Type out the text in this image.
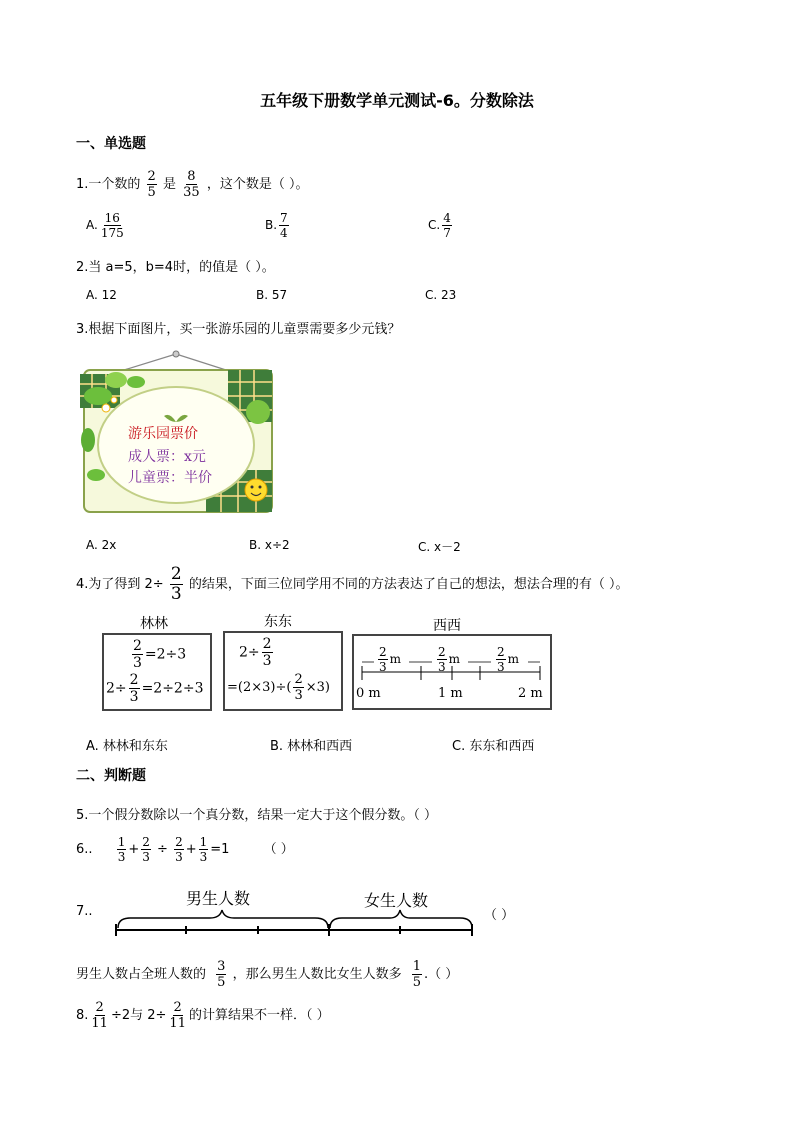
五年级下册数学单元测试-6。分数除法
一、单选题
1.一个数的 $\frac{2}{5}$ 是 $\frac{8}{35}$ ，这个数是（ ）。
A. $\frac{16}{175}$	B. $\frac{7}{4}$	C. $\frac{4}{7}$
2.当 a=5，b=4时，的值是（ ）。
A. 12	B. 57	C. 23
3.根据下面图片，买一张游乐园的儿童票需要多少元钱？
游乐园票价
成人票：x元
儿童票：半价
A. 2x	B. x÷2	C. x－2
4.为了得到 $2\div \frac{2}{3}$ 的结果，下面三位同学用不同的方法表达了自己的想法，想法合理的有（ ）。
林林
$\frac{2}{3} =2\div 3$
$2\div \frac{2}{3} =2\div 2\div 3$
东东
$2\div \frac{2}{3}$
$=(2\times 3)\div( \frac{2}{3} \times 3)$
西西
$\frac{2}{3}$ m	$\frac{2}{3}$ m	$\frac{2}{3}$ m
0 m	1 m	2 m
A. 林林和东东	B. 林林和西西	C. 东东和西西
二、判断题
5.一个假分数除以一个真分数，结果一定大于这个假分数。（ ）
6.. $\frac{1}{3} + \frac{2}{3} \div \frac{2}{3} + \frac{1}{3} =1$	（ ）
7..
男生人数	女生人数
（ ）
男生人数占全班人数的 $\frac{3}{5}$ ，那么男生人数比女生人数多 $\frac{1}{5}$ .（ ）
8. $\frac{2}{11} \div 2$与 $2\div \frac{2}{11}$ 的计算结果不一样．（ ）
